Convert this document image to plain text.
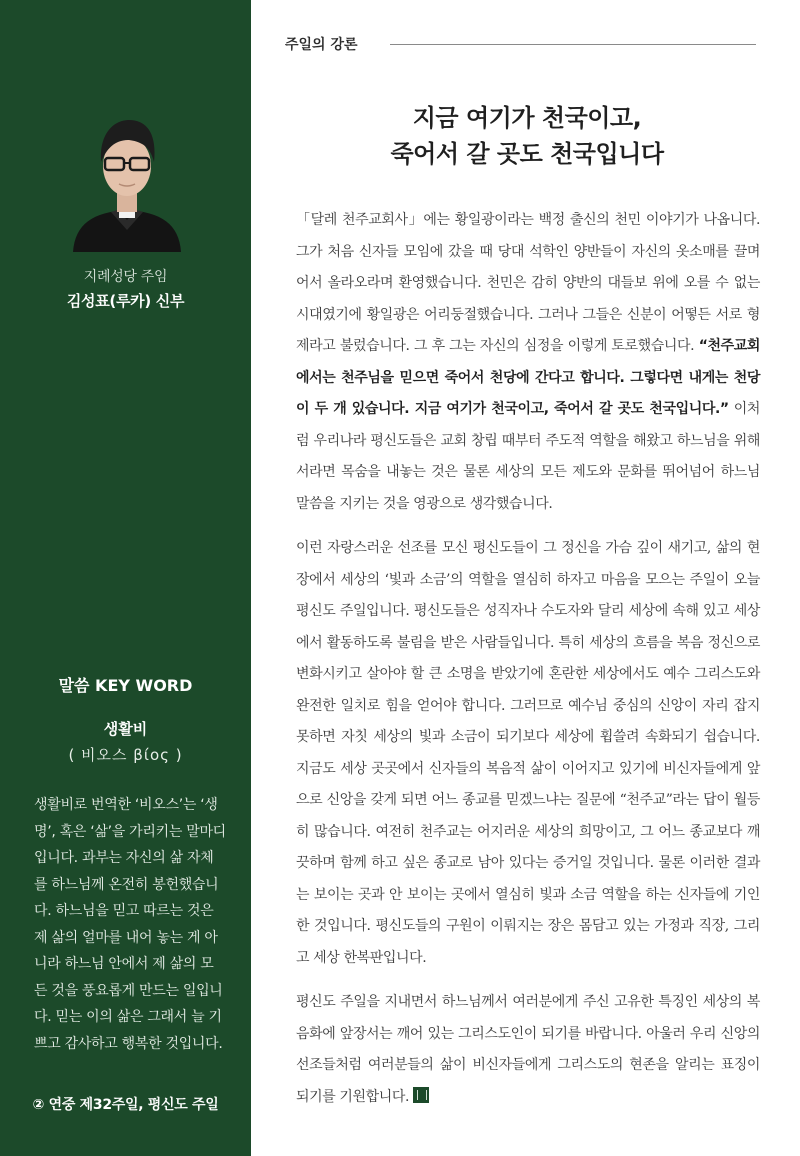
지례성당 주임
김성표(루카) 신부
말씀 KEY WORD
생활비
( 비오스 βίος )

생활비로 번역한 ‘비오스’는 ‘생

명’, 혹은 ‘삶’을 가리키는 말마디

입니다. 과부는 자신의 삶 자체

를 하느님께 온전히 봉헌했습니

다. 하느님을 믿고 따르는 것은

제 삶의 얼마를 내어 놓는 게 아

니라 하느님 안에서 제 삶의 모

든 것을 풍요롭게 만드는 일입니

다. 믿는 이의 삶은 그래서 늘 기

쁘고 감사하고 행복한 것입니다.

② 연중 제32주일, 평신도 주일
주일의 강론
지금 여기가 천국이고,
죽어서 갈 곳도 천국입니다

「달레 천주교회사」에는 황일광이라는 백정 출신의 천민 이야기가 나옵니다. 그가 처음 신자들 모임에 갔을 때 당대 석학인 양반들이 자신의 옷소매를 끌며 어서 올라오라며 환영했습니다. 천민은 감히 양반의 대들보 위에 오를 수 없는 시대였기에 황일광은 어리둥절했습니다. 그러나 그들은 신분이 어떻든 서로 형제라고 불렀습니다. 그 후 그는 자신의 심정을 이렇게 토로했습니다. “천주교회에서는 천주님을 믿으면 죽어서 천당에 간다고 합니다. 그렇다면 내게는 천당이 두 개 있습니다. 지금 여기가 천국이고, 죽어서 갈 곳도 천국입니다.” 이처럼 우리나라 평신도들은 교회 창립 때부터 주도적 역할을 해왔고 하느님을 위해서라면 목숨을 내놓는 것은 물론 세상의 모든 제도와 문화를 뛰어넘어 하느님 말씀을 지키는 것을 영광으로 생각했습니다.

이런 자랑스러운 선조를 모신 평신도들이 그 정신을 가슴 깊이 새기고, 삶의 현장에서 세상의 ‘빛과 소금’의 역할을 열심히 하자고 마음을 모으는 주일이 오늘 평신도 주일입니다. 평신도들은 성직자나 수도자와 달리 세상에 속해 있고 세상에서 활동하도록 불림을 받은 사람들입니다. 특히 세상의 흐름을 복음 정신으로 변화시키고 살아야 할 큰 소명을 받았기에 혼란한 세상에서도 예수 그리스도와 완전한 일치로 힘을 얻어야 합니다. 그러므로 예수님 중심의 신앙이 자리 잡지 못하면 자칫 세상의 빛과 소금이 되기보다 세상에 휩쓸려 속화되기 쉽습니다. 지금도 세상 곳곳에서 신자들의 복음적 삶이 이어지고 있기에 비신자들에게 앞으로 신앙을 갖게 되면 어느 종교를 믿겠느냐는 질문에 “천주교”라는 답이 월등히 많습니다. 여전히 천주교는 어지러운 세상의 희망이고, 그 어느 종교보다 깨끗하며 함께 하고 싶은 종교로 남아 있다는 증거일 것입니다. 물론 이러한 결과는 보이는 곳과 안 보이는 곳에서 열심히 빛과 소금 역할을 하는 신자들에 기인한 것입니다. 평신도들의 구원이 이뤄지는 장은 몸담고 있는 가정과 직장, 그리고 세상 한복판입니다.

평신도 주일을 지내면서 하느님께서 여러분에게 주신 고유한 특징인 세상의 복음화에 앞장서는 깨어 있는 그리스도인이 되기를 바랍니다. 아울러 우리 신앙의 선조들처럼 여러분들의 삶이 비신자들에게 그리스도의 현존을 알리는 표징이 되기를 기원합니다.
